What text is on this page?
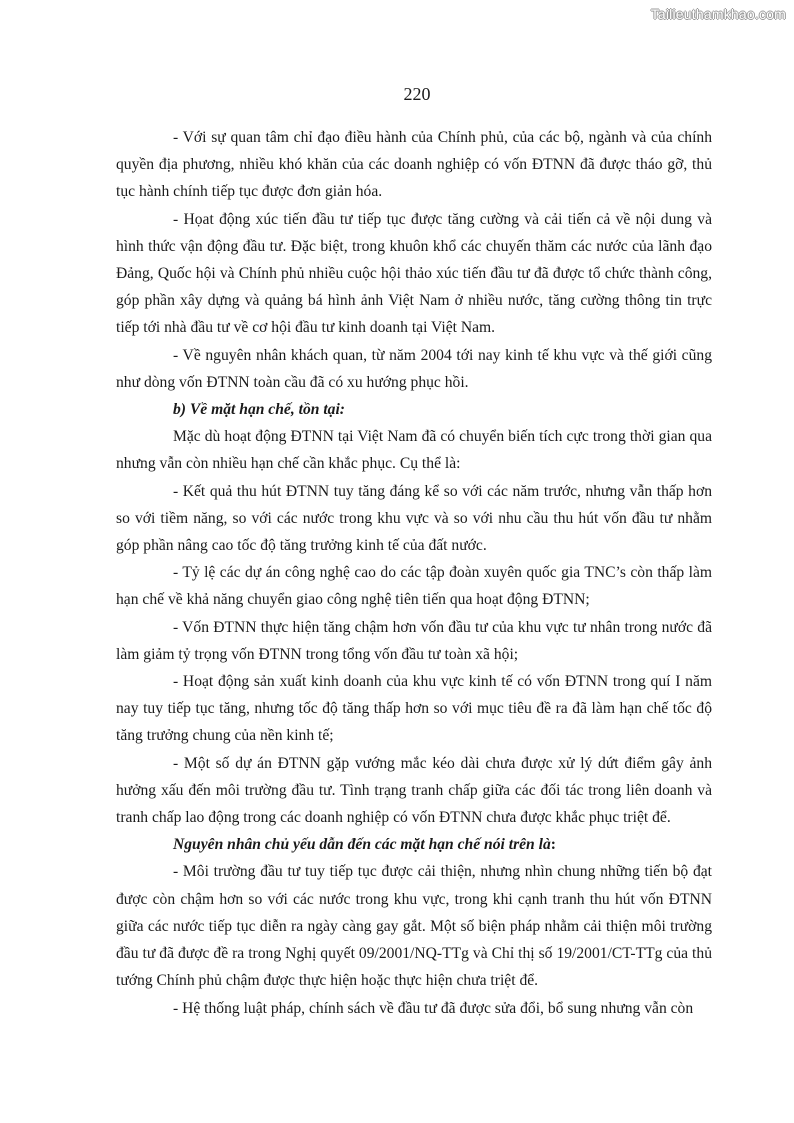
Tailieuthamkhao.com
220

- Với sự quan tâm chỉ đạo điều hành của Chính phủ, của các bộ, ngành và của chính quyền địa phương, nhiều khó khăn của các doanh nghiệp có vốn ĐTNN đã được tháo gỡ, thủ tục hành chính tiếp tục được đơn giản hóa.

- Họat động xúc tiến đầu tư tiếp tục được tăng cường và cải tiến cả về nội dung và hình thức vận động đầu tư. Đặc biệt, trong khuôn khổ các chuyến thăm các nước của lãnh đạo Đảng, Quốc hội và Chính phủ nhiều cuộc hội thảo xúc tiến đầu tư đã được tổ chức thành công, góp phần xây dựng và quảng bá hình ảnh Việt Nam ở nhiều nước, tăng cường thông tin trực tiếp tới nhà đầu tư về cơ hội đầu tư kinh doanh tại Việt Nam.

- Về nguyên nhân khách quan, từ năm 2004 tới nay kinh tế khu vực và thế giới cũng như dòng vốn ĐTNN toàn cầu đã có xu hướng phục hồi.

b) Về mặt hạn chế, tồn tại:

Mặc dù hoạt động ĐTNN tại Việt Nam đã có chuyển biến tích cực trong thời gian qua nhưng vẫn còn nhiều hạn chế cần khắc phục. Cụ thể là:

- Kết quả thu hút ĐTNN tuy tăng đáng kể so với các năm trước, nhưng vẫn thấp hơn so với tiềm năng, so với các nước trong khu vực và so với nhu cầu thu hút vốn đầu tư nhằm góp phần nâng cao tốc độ tăng trưởng kinh tế của đất nước.

- Tỷ lệ các dự án công nghệ cao do các tập đoàn xuyên quốc gia TNC’s còn thấp làm hạn chế về khả năng chuyển giao công nghệ tiên tiến qua hoạt động ĐTNN;

- Vốn ĐTNN thực hiện tăng chậm hơn vốn đầu tư của khu vực tư nhân trong nước đã làm giảm tỷ trọng vốn ĐTNN trong tổng vốn đầu tư toàn xã hội;

- Hoạt động sản xuất kinh doanh của khu vực kinh tế có vốn ĐTNN trong quí I năm nay tuy tiếp tục tăng, nhưng tốc độ tăng thấp hơn so với mục tiêu đề ra đã làm hạn chế tốc độ tăng trưởng chung của nền kinh tế;

- Một số dự án ĐTNN gặp vướng mắc kéo dài chưa được xử lý dứt điểm gây ảnh hưởng xấu đến môi trường đầu tư. Tình trạng tranh chấp giữa các đối tác trong liên doanh và tranh chấp lao động trong các doanh nghiệp có vốn ĐTNN chưa được khắc phục triệt để.

Nguyên nhân chủ yếu dẫn đến các mặt hạn chế nói trên là:

- Môi trường đầu tư tuy tiếp tục được cải thiện, nhưng nhìn chung những tiến bộ đạt được còn chậm hơn so với các nước trong khu vực, trong khi cạnh tranh thu hút vốn ĐTNN giữa các nước tiếp tục diễn ra ngày càng gay gắt. Một số biện pháp nhằm cải thiện môi trường đầu tư đã được đề ra trong Nghị quyết 09/2001/NQ-TTg và Chỉ thị số 19/2001/CT-TTg của thủ tướng Chính phủ chậm được thực hiện hoặc thực hiện chưa triệt để.

- Hệ thống luật pháp, chính sách về đầu tư đã được sửa đổi, bổ sung nhưng vẫn còn
